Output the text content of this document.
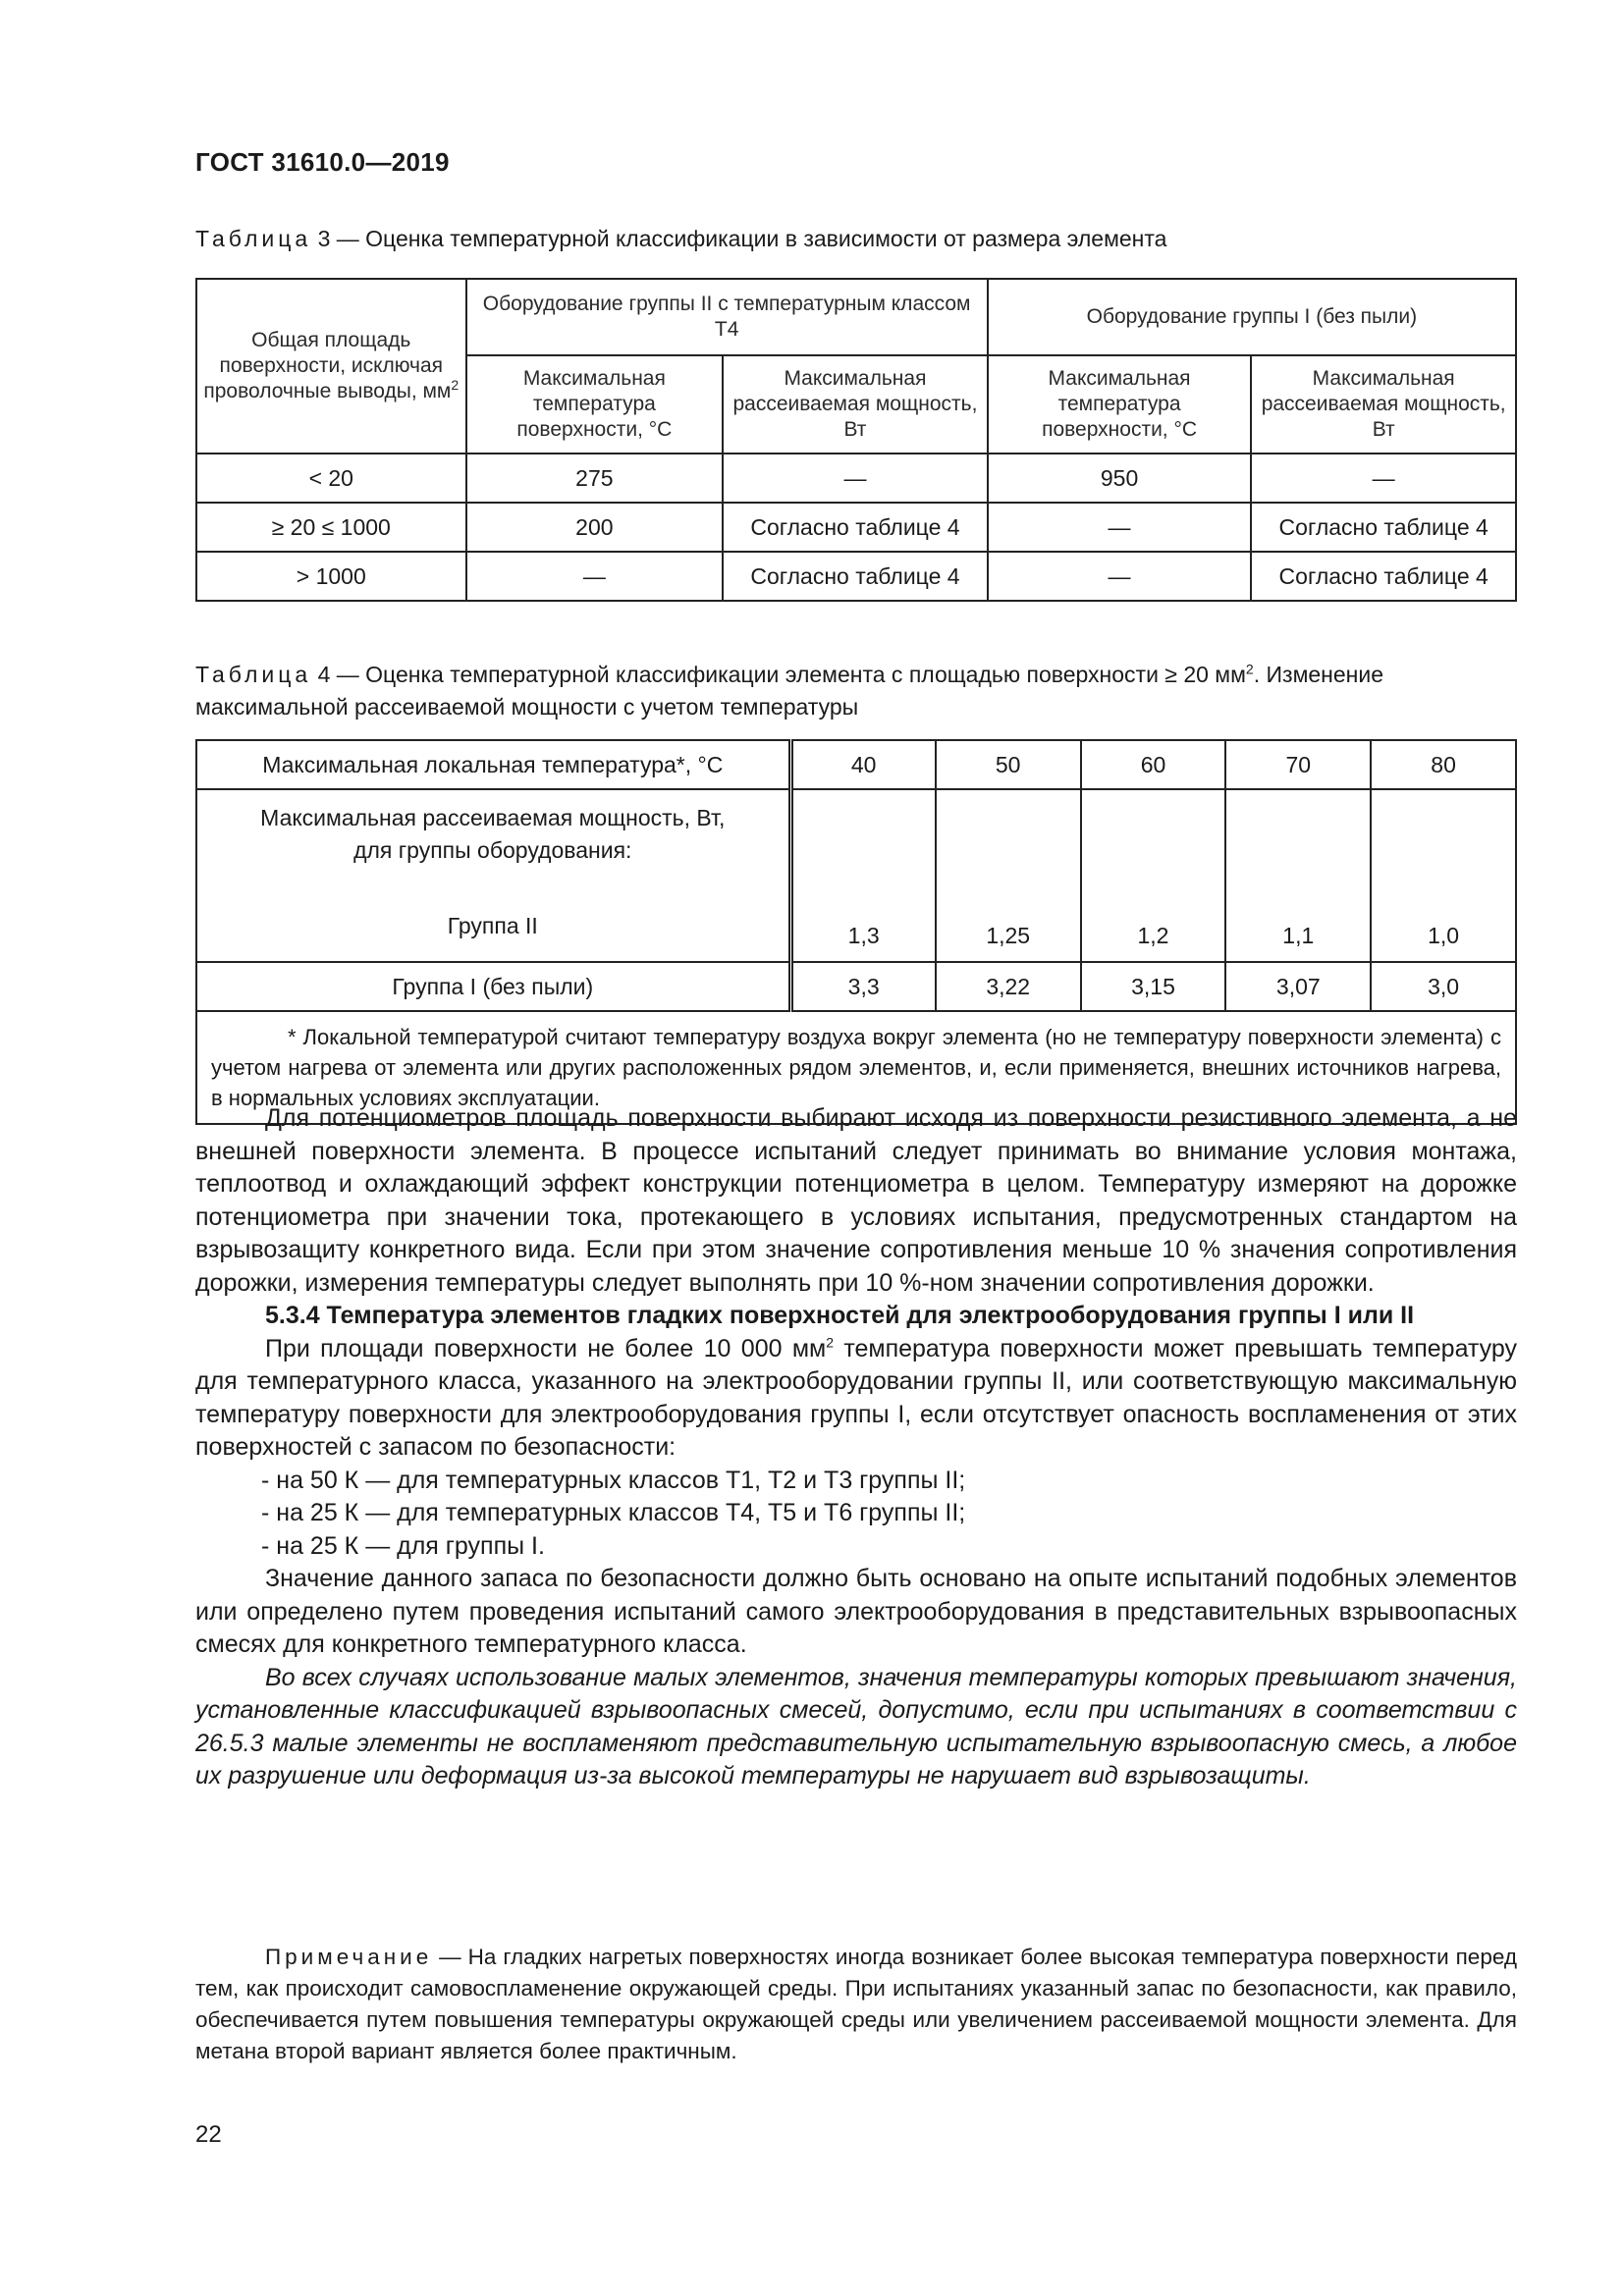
ГОСТ 31610.0—2019
Таблица 3 — Оценка температурной классификации в зависимости от размера элемента
Общая площадь поверхности, исключая проволочные выводы, $мм^2$	Оборудование группы II с температурным классом Т4		Оборудование группы I (без пыли)	
	Максимальная температура поверхности, °С	Максимальная рассеиваемая мощность, Вт	Максимальная температура поверхности, °С	Максимальная рассеиваемая мощность, Вт
< 20	275	—	950	—
≥ 20 ≤ 1000	200	Согласно таблице 4	—	Согласно таблице 4
> 1000	—	Согласно таблице 4	—	Согласно таблице 4
Таблица 4 — Оценка температурной классификации элемента с площадью поверхности ≥ 20 $мм^2$. Изменение максимальной рассеиваемой мощности с учетом температуры
Максимальная локальная температура*, °С	40	50	60	70	80

Максимальная рассеиваемая мощность, Вт,
для группы оборудования:
Группа II	1,3	1,25	1,2	1,1	1,0
Группа I (без пыли)	3,3	3,22	3,15	3,07	3,0

* Локальной температурой считают температуру воздуха вокруг элемента (но не температуру поверхности элемента) с учетом нагрева от элемента или других расположенных рядом элементов, и, если применяется, внешних источников нагрева, в нормальных условиях эксплуатации.					

Для потенциометров площадь поверхности выбирают исходя из поверхности резистивного элемента, а не внешней поверхности элемента. В процессе испытаний следует принимать во внимание условия монтажа, теплоотвод и охлаждающий эффект конструкции потенциометра в целом. Температуру измеряют на дорожке потенциометра при значении тока, протекающего в условиях испытания, предусмотренных стандартом на взрывозащиту конкретного вида. Если при этом значение сопротивления меньше 10 % значения сопротивления дорожки, измерения температуры следует выполнять при 10 %-ном значении сопротивления дорожки.

5.3.4 Температура элементов гладких поверхностей для электрооборудования группы I или II

При площади поверхности не более 10 000 $мм^2$ температура поверхности может превышать температуру для температурного класса, указанного на электрооборудовании группы II, или соответствующую максимальную температуру поверхности для электрооборудования группы I, если отсутствует опасность воспламенения от этих поверхностей с запасом по безопасности:

- на 50 К — для температурных классов Т1, Т2 и Т3 группы II;

- на 25 К — для температурных классов Т4, Т5 и Т6 группы II;

- на 25 К — для группы I.

Значение данного запаса по безопасности должно быть основано на опыте испытаний подобных элементов или определено путем проведения испытаний самого электрооборудования в представительных взрывоопасных смесях для конкретного температурного класса.

Во всех случаях использование малых элементов, значения температуры которых превышают значения, установленные классификацией взрывоопасных смесей, допустимо, если при испытаниях в соответствии с 26.5.3 малые элементы не воспламеняют представительную испытательную взрывоопасную смесь, а любое их разрушение или деформация из-за высокой температуры не нарушает вид взрывозащиты.

Примечание — На гладких нагретых поверхностях иногда возникает более высокая температура поверхности перед тем, как происходит самовоспламенение окружающей среды. При испытаниях указанный запас по безопасности, как правило, обеспечивается путем повышения температуры окружающей среды или увеличением рассеиваемой мощности элемента. Для метана второй вариант является более практичным.
22
